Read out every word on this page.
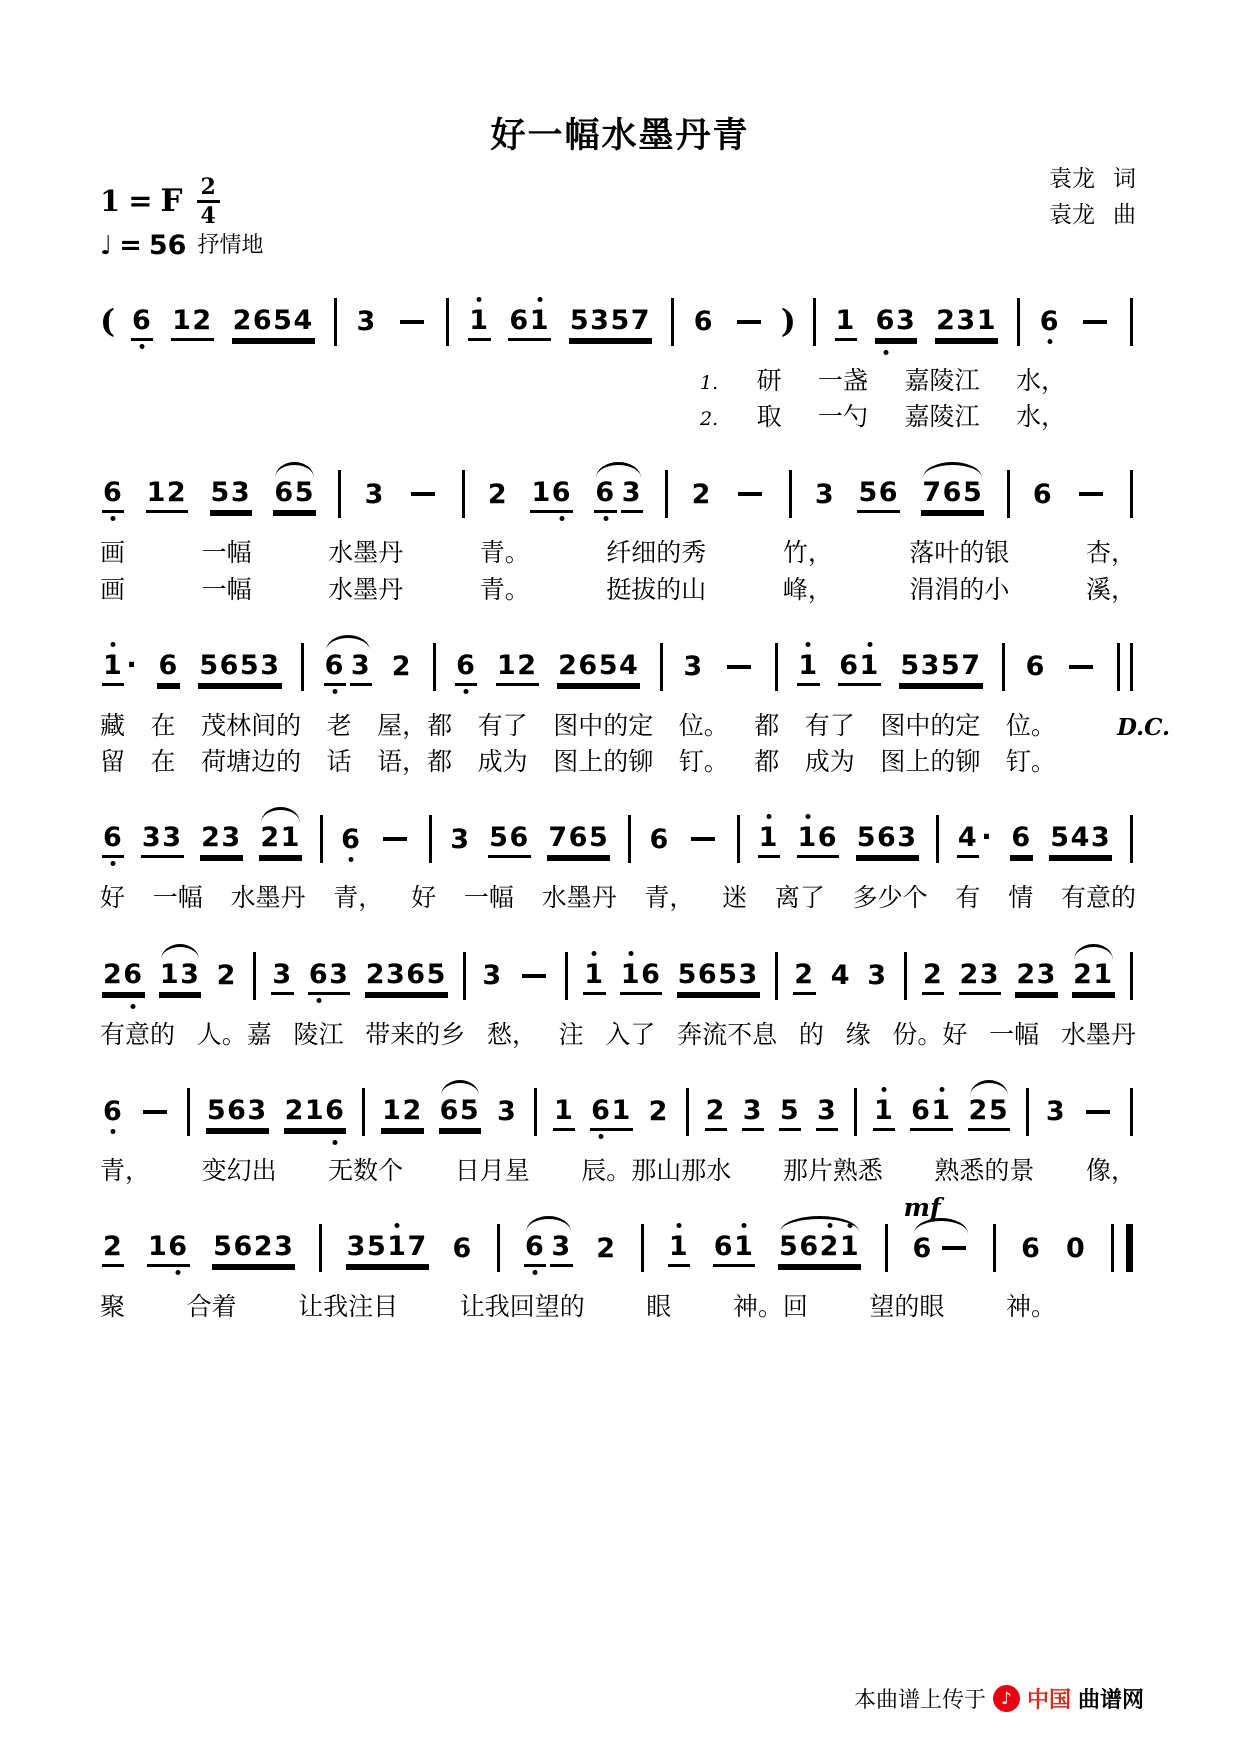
好一幅水墨丹青
1 = F $\frac{2}{4}$
♩ = 56 抒情地
袁龙 词
袁龙 曲
( 6 12 2654 3	1 61 5357 6 ) 1 63 231 6
1. 研 一盏 嘉陵江 水，
2. 取 一勺 嘉陵江 水，
6 12 53 65 3	2 16 6 3 2	3 56 765 6
画	一幅	水墨丹	青。	纤细的秀	竹，	落叶的银	杏，
画	一幅	水墨丹	青。	挺拔的山	峰，	涓涓的小	溪，
1 · 6 5653 6 3 2 6 12 2654 3	1 61 5357 6
藏 在 茂林间的 老 屋，都 有了 图中的定 位。 都 有了 图中的定 位。
留 在 荷塘边的 话 语，都 成为 图上的铆 钉。 都 成为 图上的铆 钉。
D.C.
6 33 23 21 6	3 56 765 6	1 16 563 4 · 6 543
好 一幅 水墨丹 青， 好 一幅 水墨丹 青， 迷 离了 多少个 有 情 有意的
26 13 2 3 63 2365 3	1 16 5653 2 4 3 2 23 23 21
有意的 人。嘉 陵江 带来的乡 愁， 注 入了 奔流不息 的 缘 份。好 一幅 水墨丹
6	563 216 12 65 3 1 61 2 2 3 5 3 1 61 25 3
青， 变幻出 无数个 日月星 辰。那山那水 那片熟悉 熟悉的景 像，
2 16 5623 3517 6 6 3 2 1 61 5621
mf
6	6 0
聚 合着 让我注目 让我回望的 眼 神。回 望的眼 神。
本曲谱上传于 ♪ 中国 曲谱网
